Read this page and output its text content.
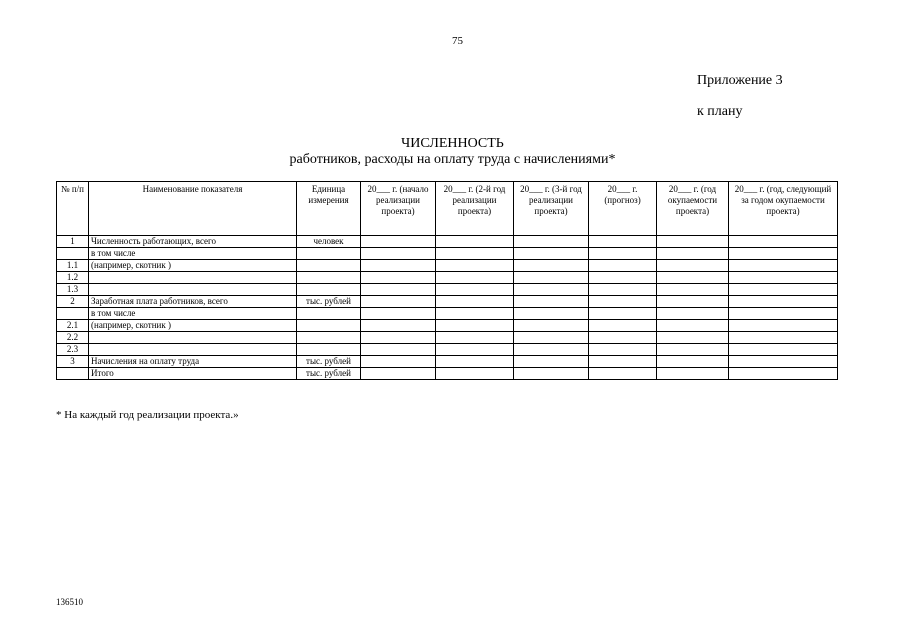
75
Приложение 3
к плану
ЧИСЛЕННОСТЬ
работников, расходы на оплату труда с начислениями*
№ п/п	Наименование показателя	Единица измерения	20___ г. (начало реализации проекта)	20___ г. (2-й год реализации проекта)	20___ г. (3-й год реализации проекта)	20___ г. (прогноз)	20___ г. (год окупаемости проекта)	20___ г. (год, следующий за годом окупаемости проекта)
1	Численность работающих, всего	человек						
	в том числе							
1.1	(например, скотник )							
1.2								
1.3								
2	Заработная плата работников, всего	тыс. рублей						
	в том числе							
2.1	(например, скотник )							
2.2								
2.3								
3	Начисления на оплату труда	тыс. рублей						
	Итого	тыс. рублей						
* На каждый год реализации проекта.»
136510
